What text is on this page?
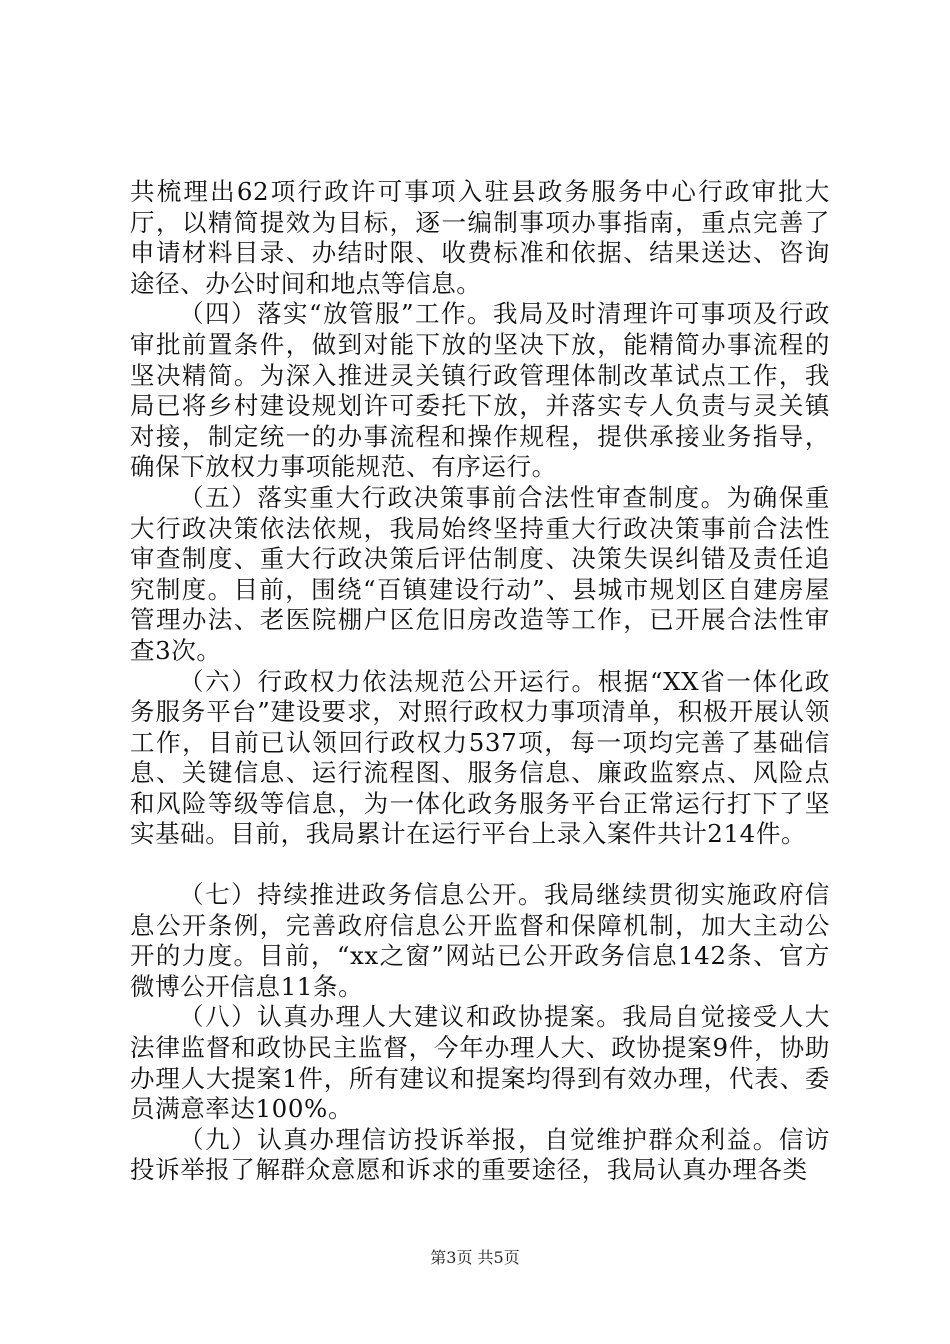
共梳理出62项行政许可事项入驻县政务服务中心行政审批大厅，以精简提效为目标，逐一编制事项办事指南，重点完善了申请材料目录、办结时限、收费标准和依据、结果送达、咨询途径、办公时间和地点等信息。

（四）落实“放管服”工作。我局及时清理许可事项及行政审批前置条件，做到对能下放的坚决下放，能精简办事流程的坚决精简。为深入推进灵关镇行政管理体制改革试点工作，我局已将乡村建设规划许可委托下放，并落实专人负责与灵关镇对接，制定统一的办事流程和操作规程，提供承接业务指导，确保下放权力事项能规范、有序运行。

（五）落实重大行政决策事前合法性审查制度。为确保重大行政决策依法依规，我局始终坚持重大行政决策事前合法性审查制度、重大行政决策后评估制度、决策失误纠错及责任追究制度。目前，围绕“百镇建设行动”、县城市规划区自建房屋管理办法、老医院棚户区危旧房改造等工作，已开展合法性审查3次。

（六）行政权力依法规范公开运行。根据“XX省一体化政务服务平台”建设要求，对照行政权力事项清单，积极开展认领工作，目前已认领回行政权力537项，每一项均完善了基础信息、关键信息、运行流程图、服务信息、廉政监察点、风险点和风险等级等信息，为一体化政务服务平台正常运行打下了坚实基础。目前，我局累计在运行平台上录入案件共计214件。

（七）持续推进政务信息公开。我局继续贯彻实施政府信息公开条例，完善政府信息公开监督和保障机制，加大主动公开的力度。目前，“xx之窗”网站已公开政务信息142条、官方微博公开信息11条。

（八）认真办理人大建议和政协提案。我局自觉接受人大法律监督和政协民主监督，今年办理人大、政协提案9件，协助办理人大提案1件，所有建议和提案均得到有效办理，代表、委员满意率达100%。

（九）认真办理信访投诉举报，自觉维护群众利益。信访投诉举报了解群众意愿和诉求的重要途径，我局认真办理各类

第3页 共5页
